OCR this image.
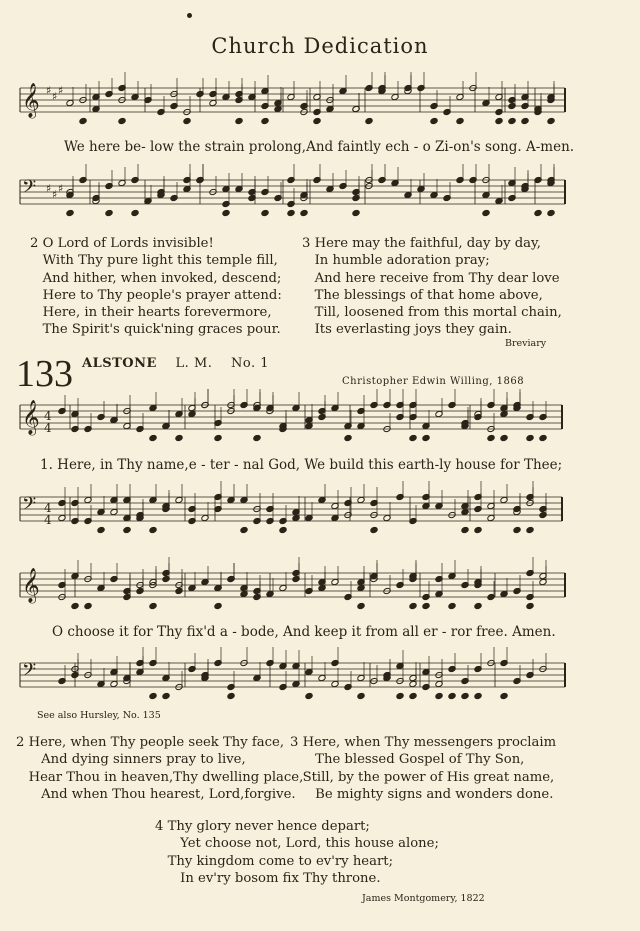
Church Dedication
𝄞 ♯ ♯ ♯
𝄢 ♯ ♯ ♯
𝄞
𝄢
𝄞
𝄢
4
4
4
4
We here be- low the strain prolong,And faintly ech - o Zi-on's song. A-men.
2 O Lord of Lords invisible!
With Thy pure light this temple fill,
And hither, when invoked, descend;
Here to Thy people's prayer attend:
Here, in their hearts forevermore,
The Spirit's quick'ning graces pour.
3 Here may the faithful, day by day,
In humble adoration pray;
And here receive from Thy dear love
The blessings of that home above,
Till, loosened from this mortal chain,
Its everlasting joys they gain.
Breviary
133 ALSTONE L. M. No. 1
Christopher Edwin Willing, 1868
1. Here, in Thy name,e - ter - nal God, We build this earth-ly house for Thee;
O choose it for Thy fix'd a - bode, And keep it from all er - ror free. Amen.
See also Hursley, No. 135
2 Here, when Thy people seek Thy face,
And dying sinners pray to live,
Hear Thou in heaven,Thy dwelling place,
And when Thou hearest, Lord,forgive.
3 Here, when Thy messengers proclaim
The blessed Gospel of Thy Son,
Still, by the power of His great name,
Be mighty signs and wonders done.
4 Thy glory never hence depart;
Yet choose not, Lord, this house alone;
Thy kingdom come to ev'ry heart;
In ev'ry bosom fix Thy throne.
James Montgomery, 1822
